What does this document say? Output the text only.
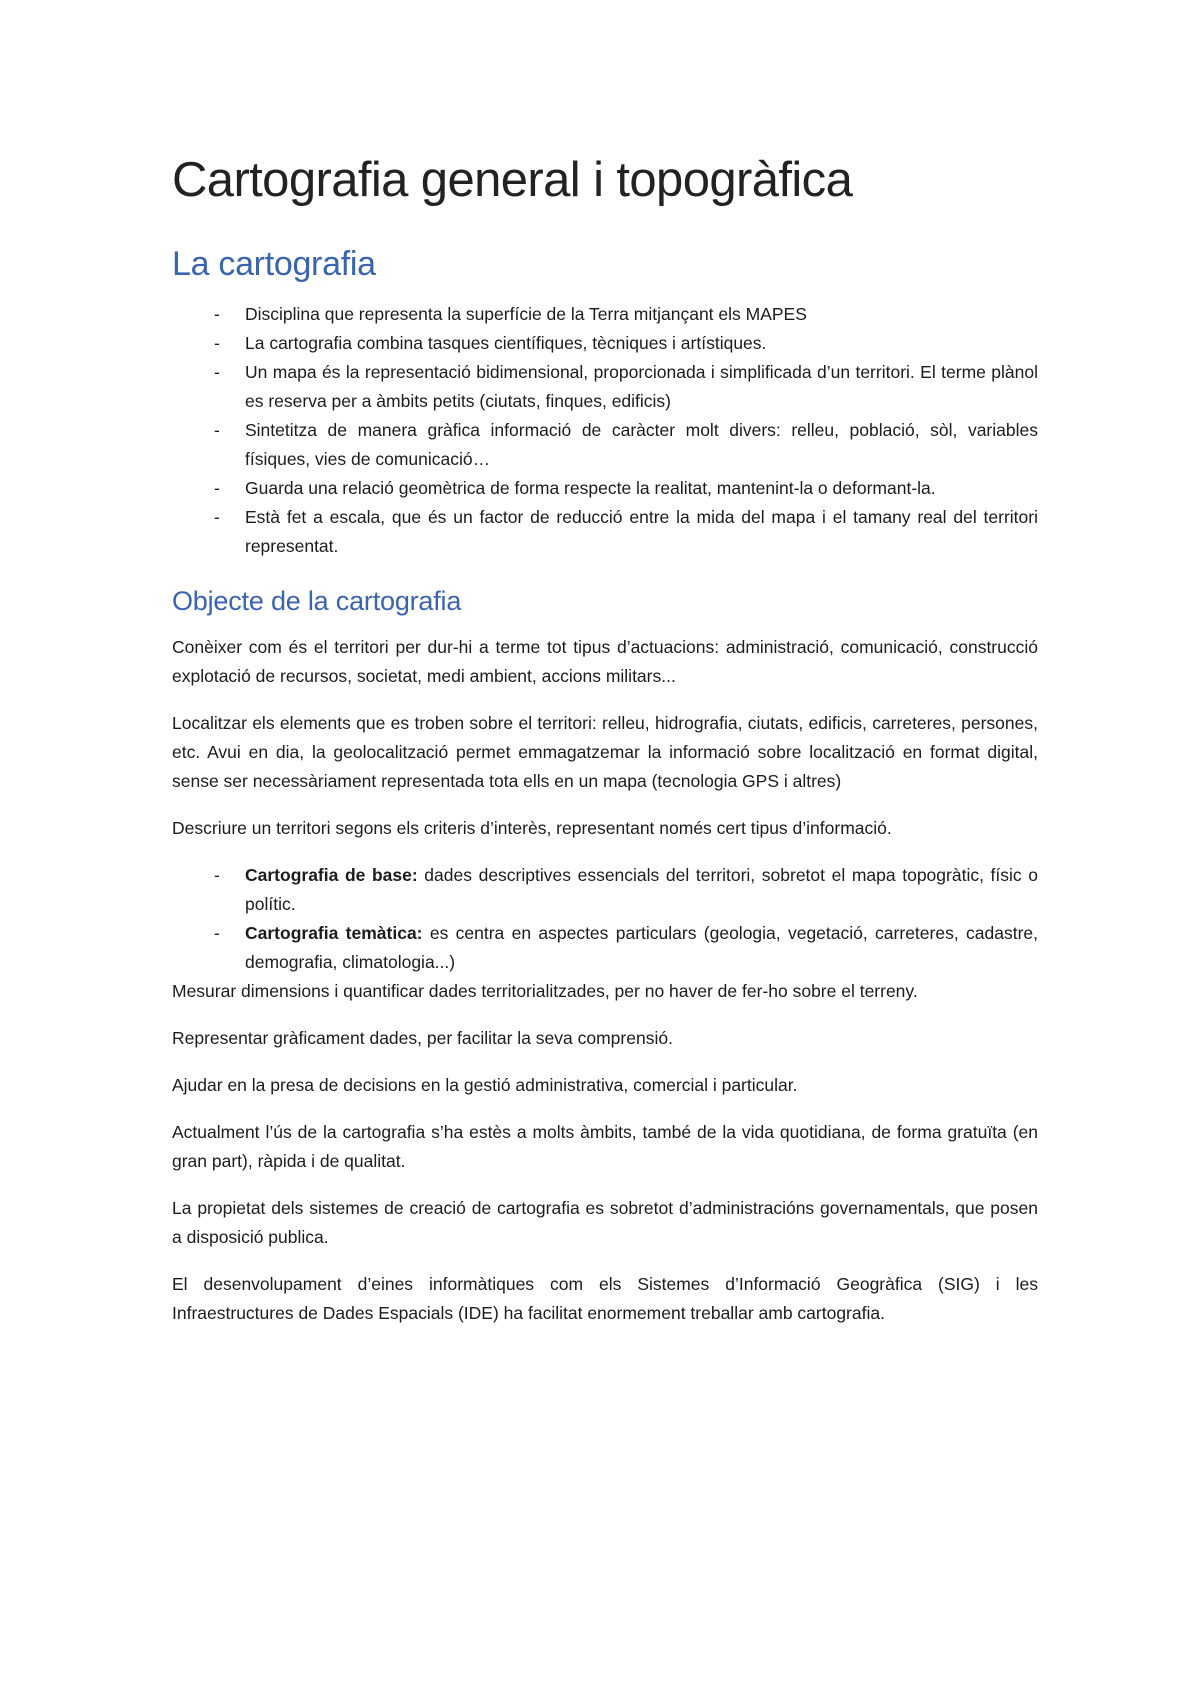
Cartografia general i topogràfica
La cartografia
- Disciplina que representa la superfície de la Terra mitjançant els MAPES
- La cartografia combina tasques científiques, tècniques i artístiques.
- Un mapa és la representació bidimensional, proporcionada i simplificada d’un territori. El terme plànol es reserva per a àmbits petits (ciutats, finques, edificis)
- Sintetitza de manera gràfica informació de caràcter molt divers: relleu, població, sòl, variables físiques, vies de comunicació…
- Guarda una relació geomètrica de forma respecte la realitat, mantenint-la o deformant-la.
- Està fet a escala, que és un factor de reducció entre la mida del mapa i el tamany real del territori representat.
Objecte de la cartografia

Conèixer com és el territori per dur-hi a terme tot tipus d’actuacions: administració, comunicació, construcció explotació de recursos, societat, medi ambient, accions militars...

Localitzar els elements que es troben sobre el territori: relleu, hidrografia, ciutats, edificis, carreteres, persones, etc. Avui en dia, la geolocalització permet emmagatzemar la informació sobre localització en format digital, sense ser necessàriament representada tota ells en un mapa (tecnologia GPS i altres)

Descriure un territori segons els criteris d’interès, representant només cert tipus d’informació.

- Cartografia de base: dades descriptives essencials del territori, sobretot el mapa topogràtic, físic o polític.
- Cartografia temàtica: es centra en aspectes particulars (geologia, vegetació, carreteres, cadastre, demografia, climatologia...)

Mesurar dimensions i quantificar dades territorialitzades, per no haver de fer-ho sobre el terreny.

Representar gràficament dades, per facilitar la seva comprensió.

Ajudar en la presa de decisions en la gestió administrativa, comercial i particular.

Actualment l’ús de la cartografia s’ha estès a molts àmbits, també de la vida quotidiana, de forma gratuïta (en gran part), ràpida i de qualitat.

La propietat dels sistemes de creació de cartografia es sobretot d’administracións governamentals, que posen a disposició publica.

El desenvolupament d’eines informàtiques com els Sistemes d’Informació Geogràfica (SIG) i les Infraestructures de Dades Espacials (IDE) ha facilitat enormement treballar amb cartografia.
